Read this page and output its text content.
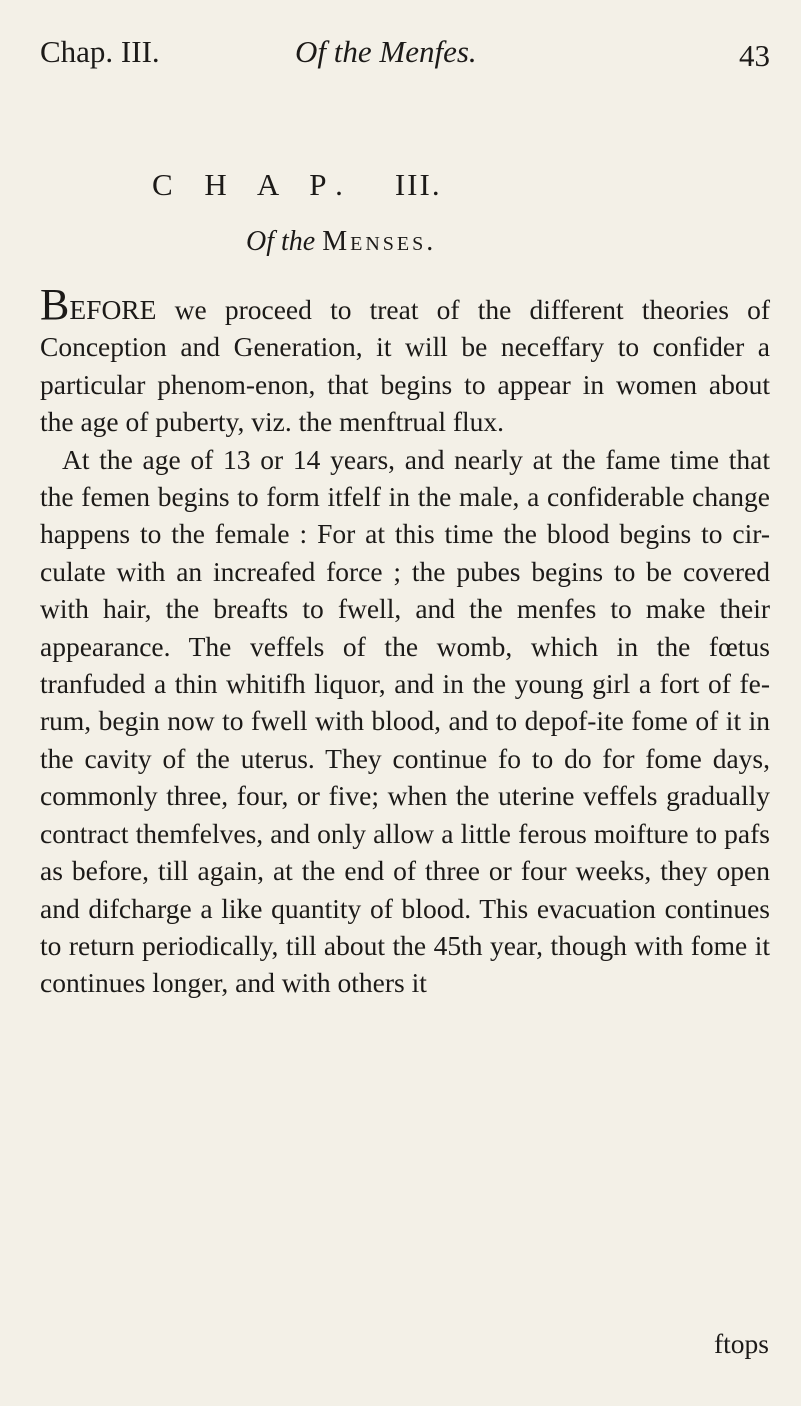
Chap. III.	Of the Menfes.	43
C H A P. III.
Of the Menses.

BEFORE we proceed to treat of the different theories of Conception and Generation, it will be neceffary to confider a particular phenom-enon, that begins to appear in women about the age of puberty, viz. the menftrual flux.

At the age of 13 or 14 years, and nearly at the fame time that the femen begins to form itfelf in the male, a confiderable change happens to the female : For at this time the blood begins to cir-culate with an increafed force ; the pubes begins to be covered with hair, the breafts to fwell, and the menfes to make their appearance. The veffels of the womb, which in the fœtus tranfuded a thin whitifh liquor, and in the young girl a fort of fe-rum, begin now to fwell with blood, and to depof-ite fome of it in the cavity of the uterus. They continue fo to do for fome days, commonly three, four, or five; when the uterine veffels gradually contract themfelves, and only allow a little ferous moifture to pafs as before, till again, at the end of three or four weeks, they open and difcharge a like quantity of blood. This evacuation continues to return periodically, till about the 45th year, though with fome it continues longer, and with others it

ftops
